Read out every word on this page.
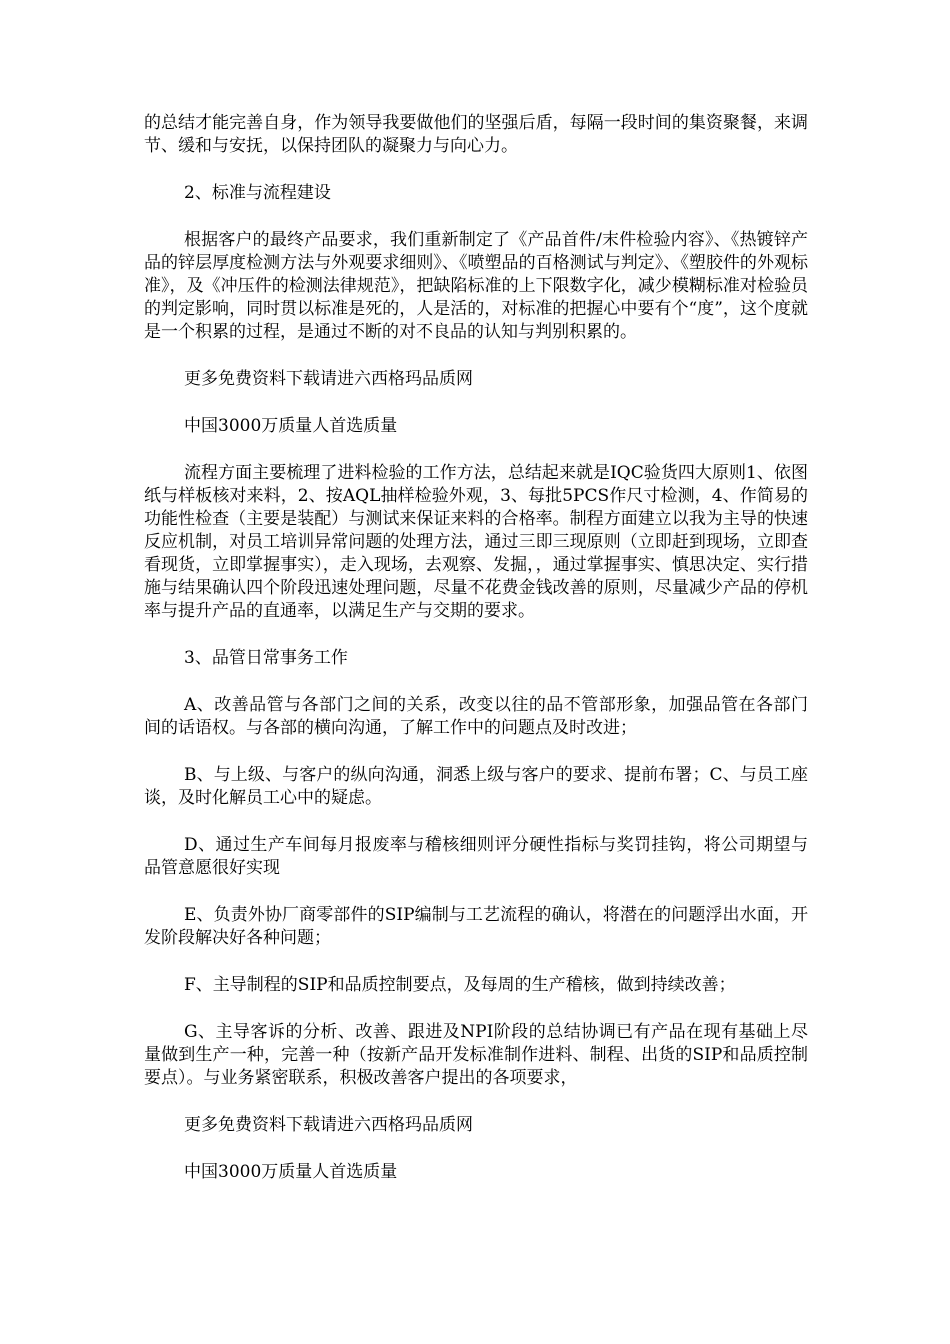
的总结才能完善自身，作为领导我要做他们的坚强后盾，每隔一段时间的集资聚餐，来调节、缓和与安抚，以保持团队的凝聚力与向心力。

2、标准与流程建设

根据客户的最终产品要求，我们重新制定了《产品首件/末件检验内容》、《热镀锌产品的锌层厚度检测方法与外观要求细则》、《喷塑品的百格测试与判定》、《塑胶件的外观标准》，及《冲压件的检测法律规范》，把缺陷标准的上下限数字化，减少模糊标准对检验员的判定影响，同时贯以标准是死的，人是活的，对标准的把握心中要有个“度”，这个度就是一个积累的过程，是通过不断的对不良品的认知与判别积累的。

更多免费资料下载请进六西格玛品质网

中国3000万质量人首选质量

流程方面主要梳理了进料检验的工作方法，总结起来就是IQC验货四大原则1、依图纸与样板核对来料，2、按AQL抽样检验外观，3、每批5PCS作尺寸检测，4、作简易的功能性检查（主要是装配）与测试来保证来料的合格率。制程方面建立以我为主导的快速反应机制，对员工培训异常问题的处理方法，通过三即三现原则（立即赶到现场，立即查看现货，立即掌握事实），走入现场，去观察、发掘，，通过掌握事实、慎思决定、实行措施与结果确认四个阶段迅速处理问题，尽量不花费金钱改善的原则，尽量减少产品的停机率与提升产品的直通率，以满足生产与交期的要求。

3、品管日常事务工作

A、改善品管与各部门之间的关系，改变以往的品不管部形象，加强品管在各部门间的话语权。与各部的横向沟通，了解工作中的问题点及时改进；

B、与上级、与客户的纵向沟通，洞悉上级与客户的要求、提前布署；C、与员工座谈，及时化解员工心中的疑虑。

D、通过生产车间每月报废率与稽核细则评分硬性指标与奖罚挂钩，将公司期望与品管意愿很好实现

E、负责外协厂商零部件的SIP编制与工艺流程的确认，将潜在的问题浮出水面，开发阶段解决好各种问题；

F、主导制程的SIP和品质控制要点，及每周的生产稽核，做到持续改善；

G、主导客诉的分析、改善、跟进及NPI阶段的总结协调已有产品在现有基础上尽量做到生产一种，完善一种（按新产品开发标准制作进料、制程、出货的SIP和品质控制要点）。与业务紧密联系，积极改善客户提出的各项要求，

更多免费资料下载请进六西格玛品质网

中国3000万质量人首选质量
